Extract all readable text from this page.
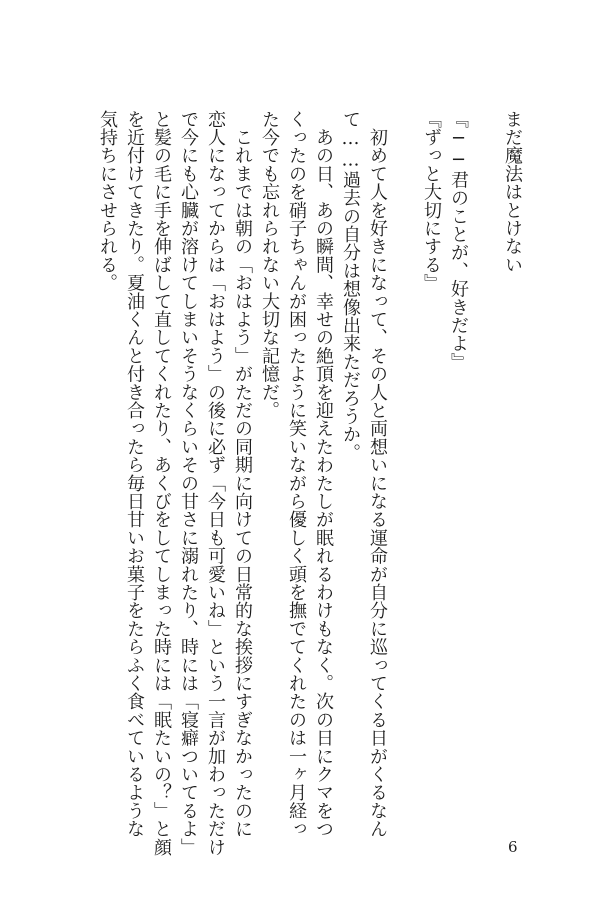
まだ魔法はとけない
『──君のことが、好きだよ』
『ずっと大切にする』
　初めて人を好きになって、その人と両想いになる運命が自分に巡ってくる日がくるなん
て……過去の自分は想像出来ただろうか。
　あの日、あの瞬間、幸せの絶頂を迎えたわたしが眠れるわけもなく。次の日にクマをつ
くったのを硝子ちゃんが困ったように笑いながら優しく頭を撫でてくれたのは一ヶ月経っ
た今でも忘れられない大切な記憶だ。
　これまでは朝の「おはよう」がただの同期に向けての日常的な挨拶にすぎなかったのに
恋人になってからは「おはよう」の後に必ず「今日も可愛いね」という一言が加わっただけ
で今にも心臓が溶けてしまいそうなくらいその甘さに溺れたり、時には「寝癖ついてるよ」
と髪の毛に手を伸ばして直してくれたり、あくびをしてしまった時には「眠たいの？」と顔
を近付けてきたり。夏油くんと付き合ったら毎日甘いお菓子をたらふく食べているような
気持ちにさせられる。
6
